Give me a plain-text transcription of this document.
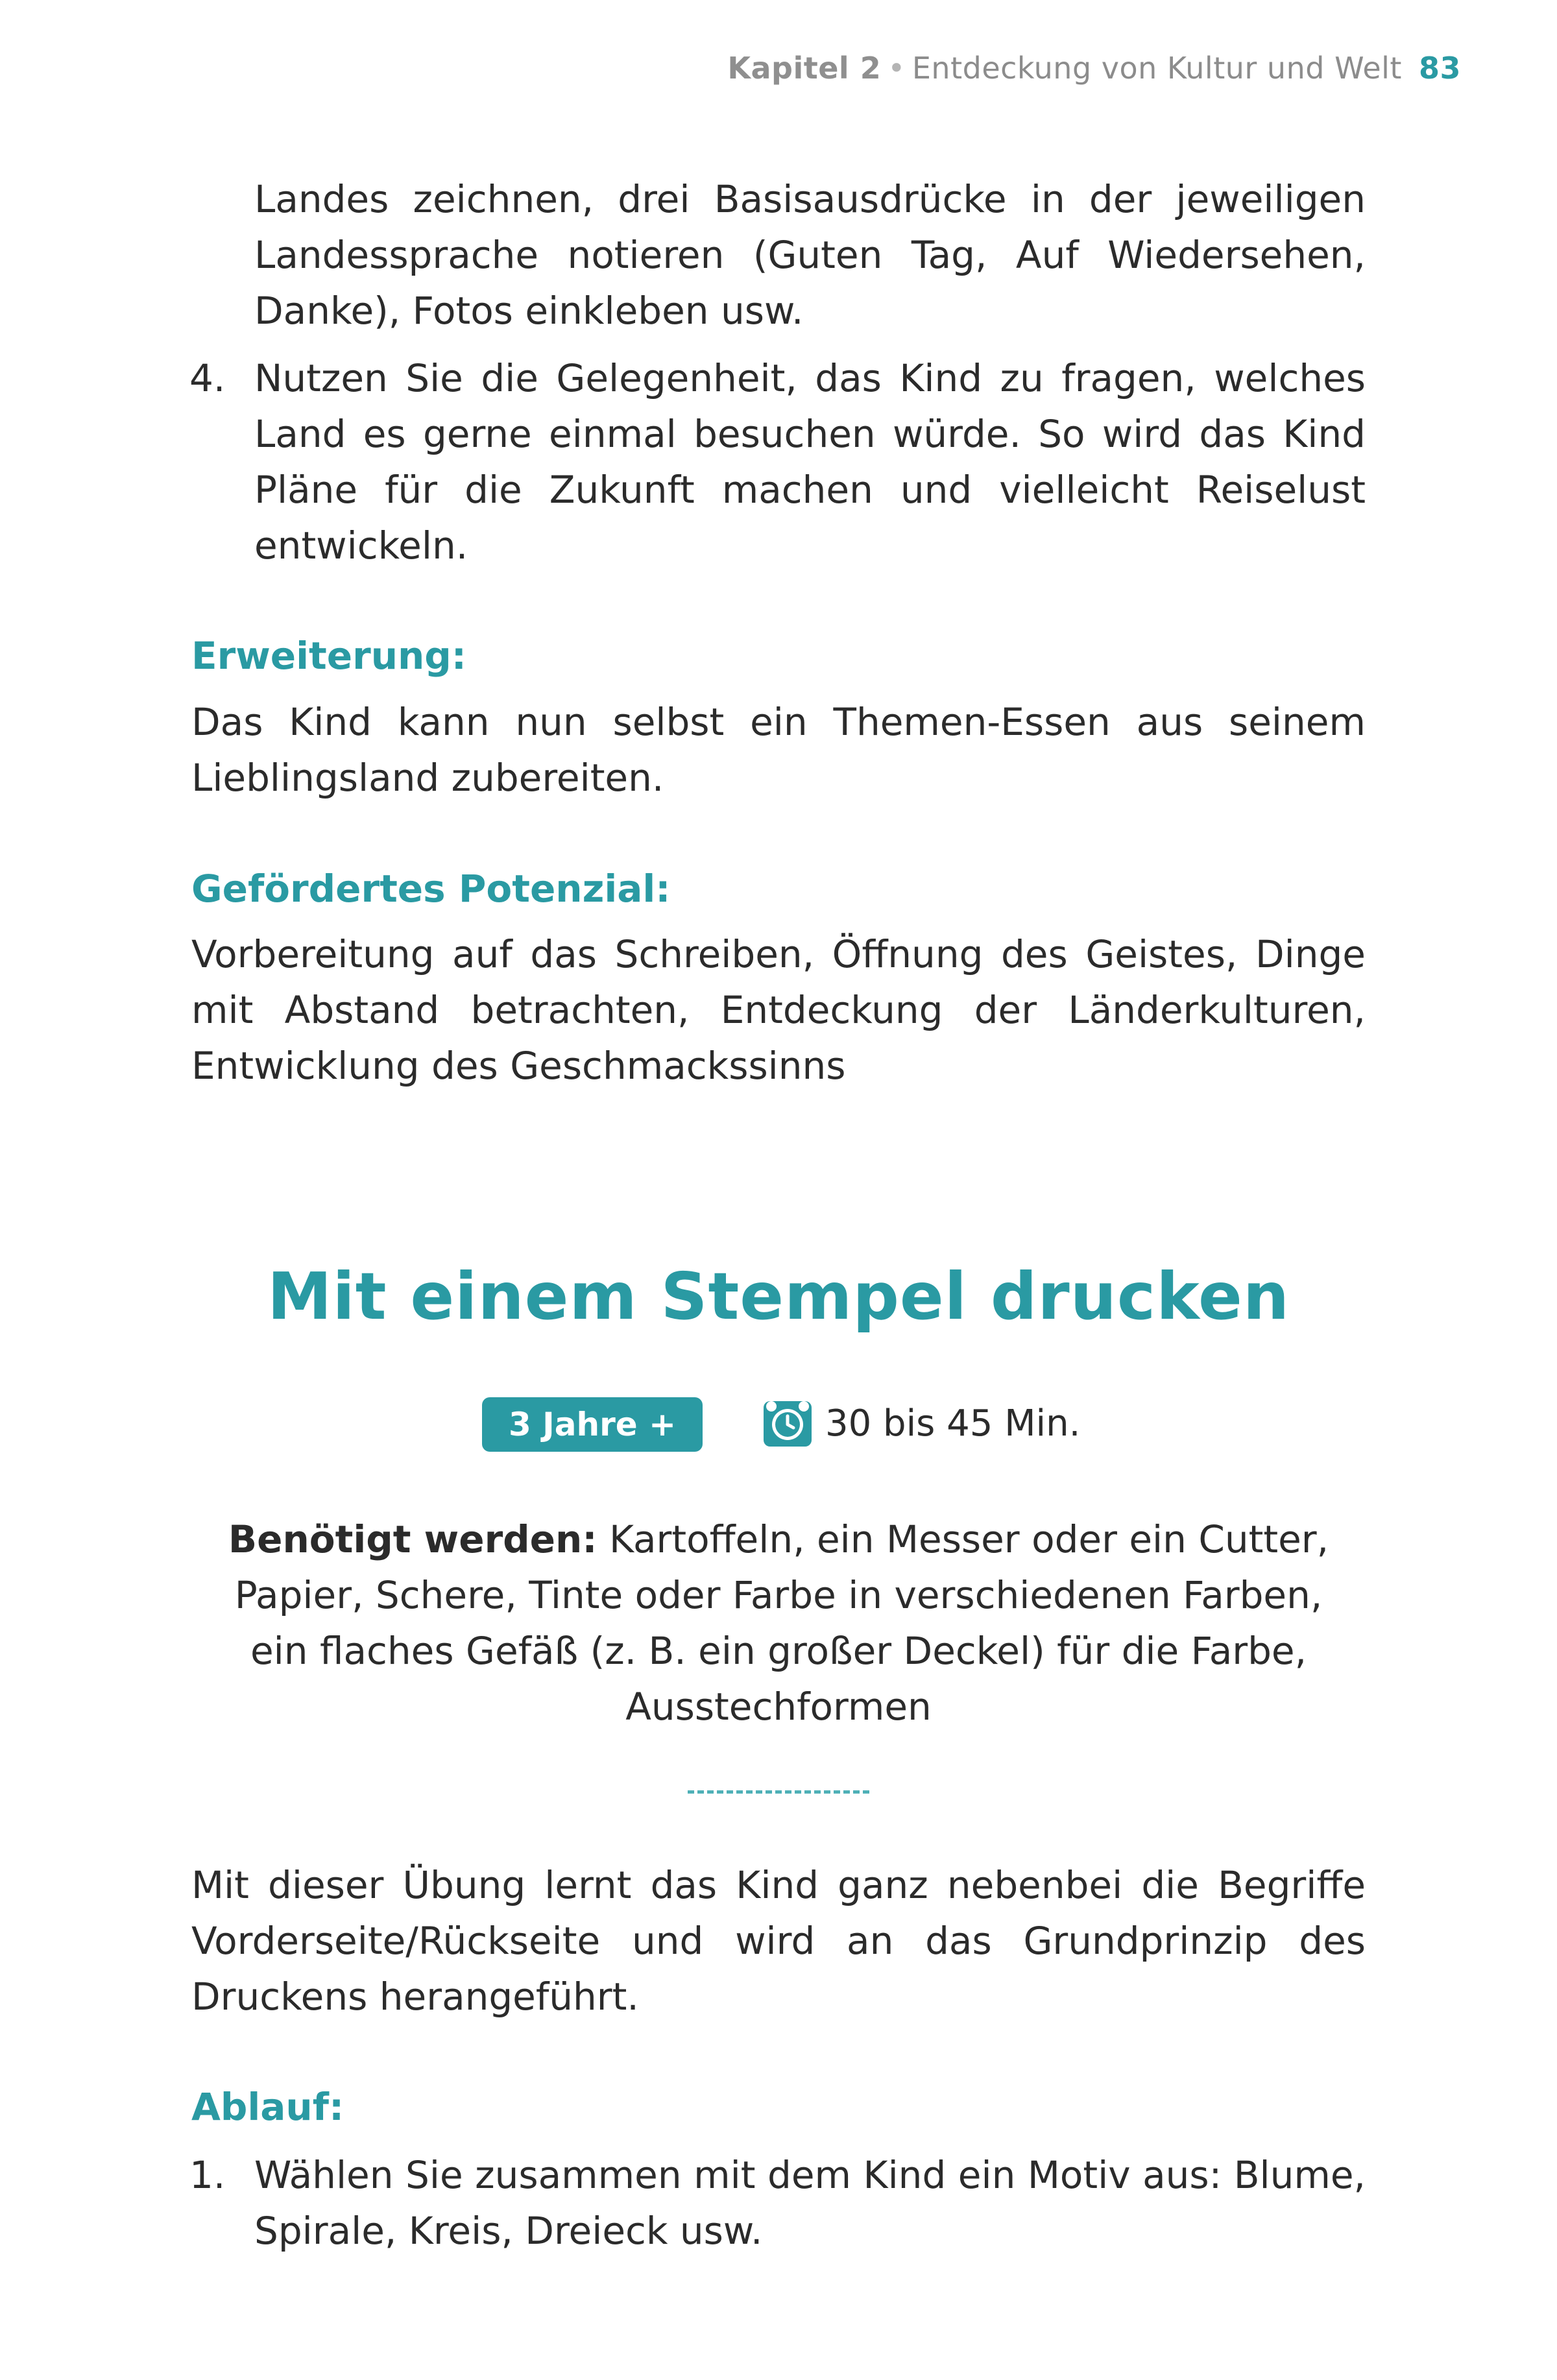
Kapitel 2 • Entdeckung von Kultur und Welt 83
Landes zeichnen, drei Basisausdrücke in der jeweiligen Landessprache notieren (Guten Tag, Auf Wiedersehen, Danke), Fotos einkleben usw.
4. Nutzen Sie die Gelegenheit, das Kind zu fragen, welches Land es gerne einmal besuchen würde. So wird das Kind Pläne für die Zukunft machen und vielleicht Reiselust entwickeln.
Erweiterung:
Das Kind kann nun selbst ein Themen-Essen aus seinem Lieblingsland zubereiten.
Gefördertes Potenzial:
Vorbereitung auf das Schreiben, Öffnung des Geistes, Dinge mit Abstand betrachten, Entdeckung der Länderkulturen, Entwicklung des Geschmackssinns
Mit einem Stempel drucken
3 Jahre +	30 bis 45 Min.
Benötigt werden: Kartoffeln, ein Messer oder ein Cutter, Papier, Schere, Tinte oder Farbe in verschiedenen Farben, ein flaches Gefäß (z. B. ein großer Deckel) für die Farbe, Ausstechformen
Mit dieser Übung lernt das Kind ganz nebenbei die Begriffe Vorderseite/Rückseite und wird an das Grundprinzip des Druckens herangeführt.
Ablauf:
1. Wählen Sie zusammen mit dem Kind ein Motiv aus: Blume, Spirale, Kreis, Dreieck usw.
